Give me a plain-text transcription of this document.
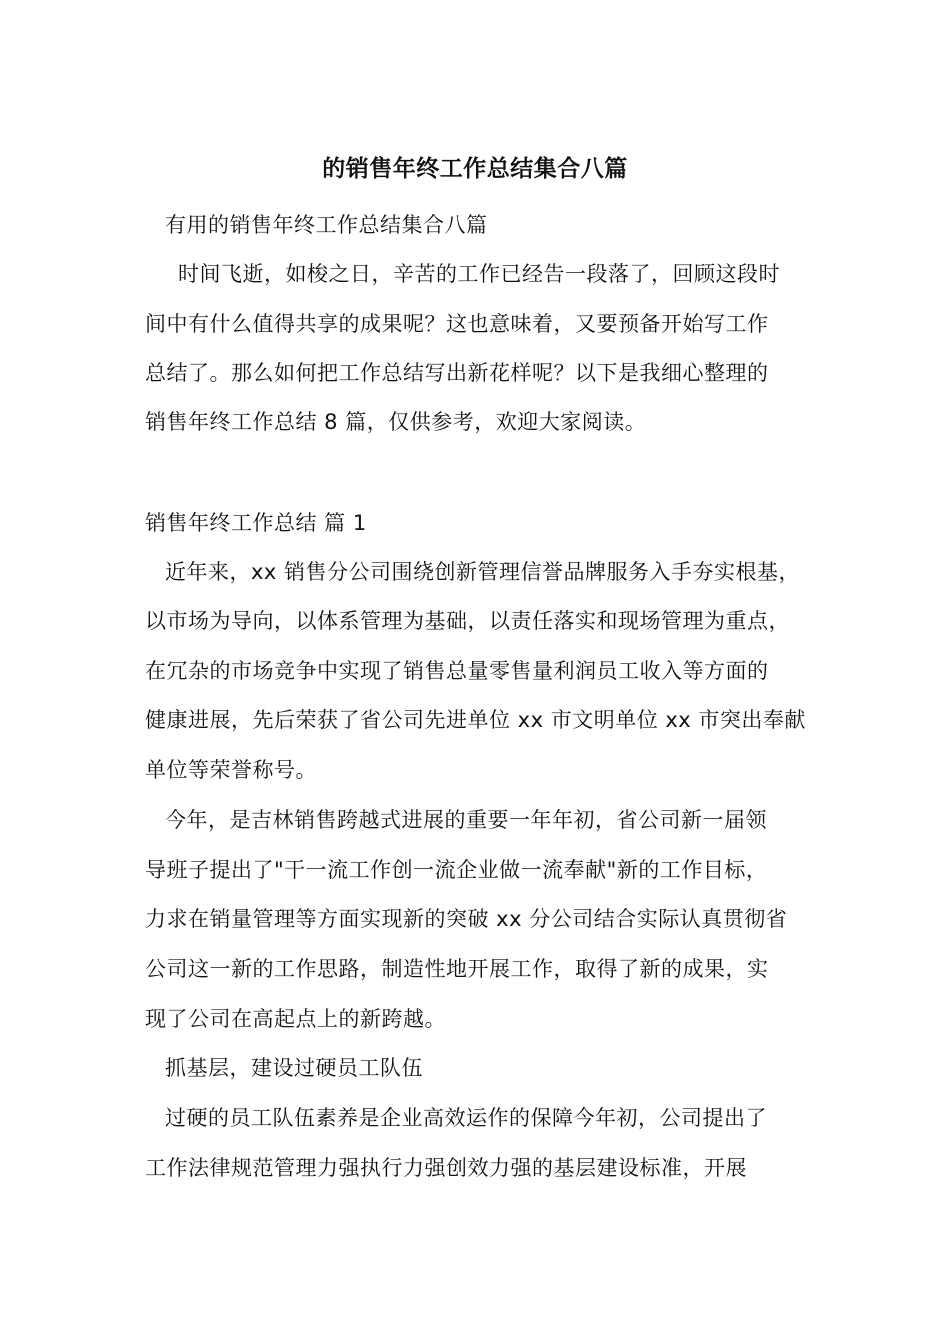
的销售年终工作总结集合八篇
有用的销售年终工作总结集合八篇
时间飞逝，如梭之日，辛苦的工作已经告一段落了，回顾这段时
间中有什么值得共享的成果呢？这也意味着，又要预备开始写工作
总结了。那么如何把工作总结写出新花样呢？以下是我细心整理的
销售年终工作总结 8 篇，仅供参考，欢迎大家阅读。
销售年终工作总结 篇 1
近年来，xx 销售分公司围绕创新管理信誉品牌服务入手夯实根基，
以市场为导向，以体系管理为基础，以责任落实和现场管理为重点，
在冗杂的市场竞争中实现了销售总量零售量利润员工收入等方面的
健康进展，先后荣获了省公司先进单位 xx 市文明单位 xx 市突出奉献
单位等荣誉称号。
今年，是吉林销售跨越式进展的重要一年年初，省公司新一届领
导班子提出了"干一流工作创一流企业做一流奉献"新的工作目标，
力求在销量管理等方面实现新的突破 xx 分公司结合实际认真贯彻省
公司这一新的工作思路，制造性地开展工作，取得了新的成果，实
现了公司在高起点上的新跨越。
抓基层，建设过硬员工队伍
过硬的员工队伍素养是企业高效运作的保障今年初，公司提出了
工作法律规范管理力强执行力强创效力强的基层建设标准，开展
